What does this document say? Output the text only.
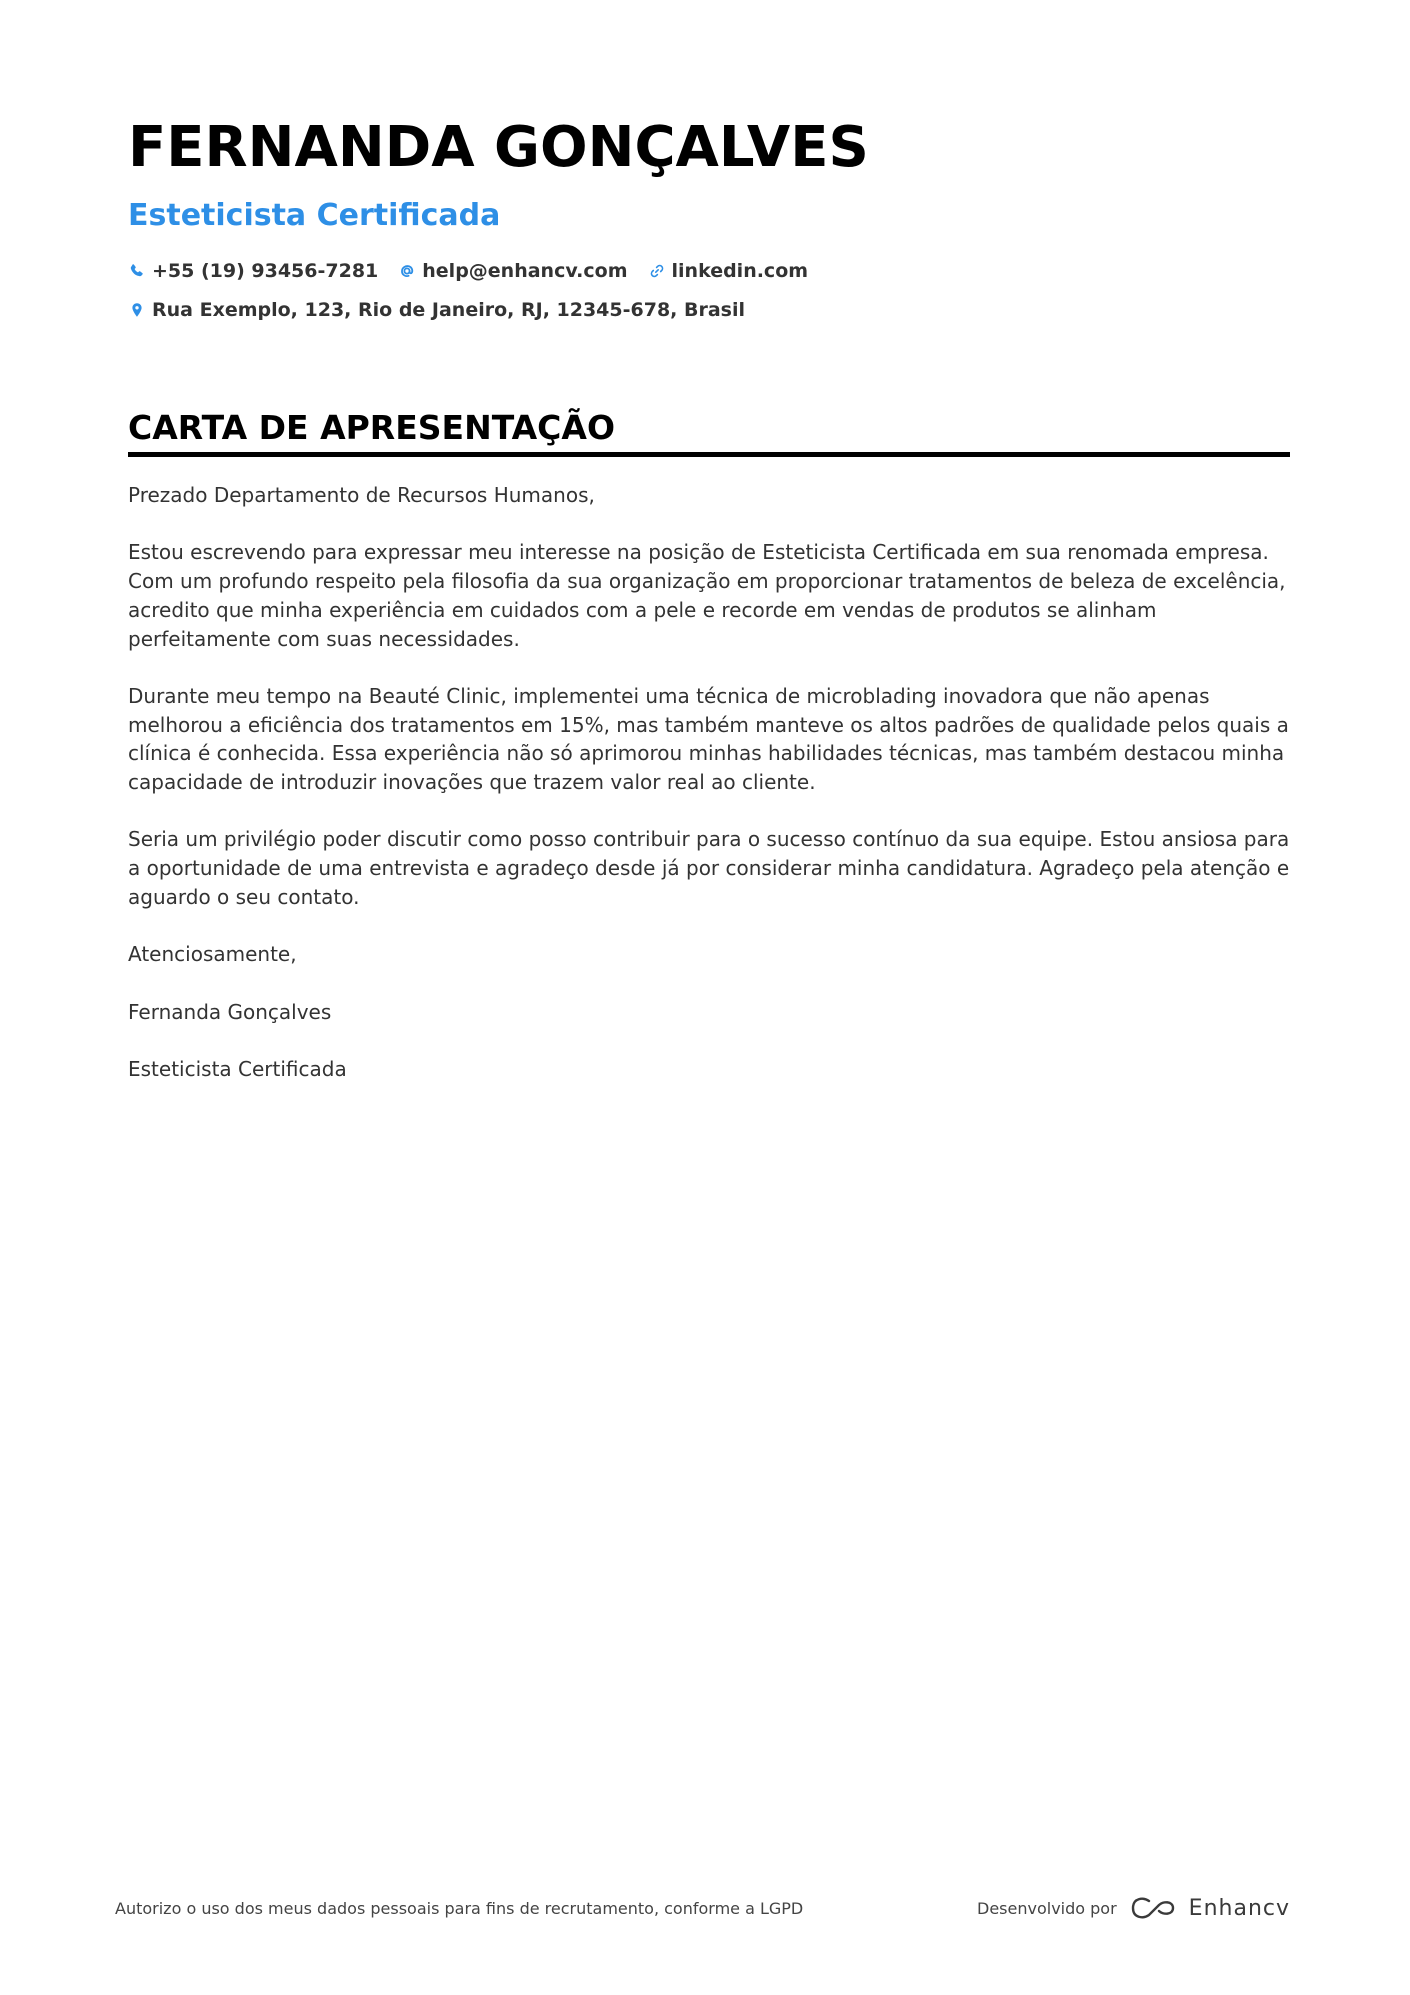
FERNANDA GONÇALVES
Esteticista Certificada
+55 (19) 93456-7281 help@enhancv.com linkedin.com
Rua Exemplo, 123, Rio de Janeiro, RJ, 12345-678, Brasil
CARTA DE APRESENTAÇÃO

Prezado Departamento de Recursos Humanos,

Estou escrevendo para expressar meu interesse na posição de Esteticista Certificada em sua renomada empresa. Com um profundo respeito pela filosofia da sua organização em proporcionar tratamentos de beleza de excelência, acredito que minha experiência em cuidados com a pele e recorde em vendas de produtos se alinham perfeitamente com suas necessidades.

Durante meu tempo na Beauté Clinic, implementei uma técnica de microblading inovadora que não apenas melhorou a eficiência dos tratamentos em 15%, mas também manteve os altos padrões de qualidade pelos quais a clínica é conhecida. Essa experiência não só aprimorou minhas habilidades técnicas, mas também destacou minha capacidade de introduzir inovações que trazem valor real ao cliente.

Seria um privilégio poder discutir como posso contribuir para o sucesso contínuo da sua equipe. Estou ansiosa para a oportunidade de uma entrevista e agradeço desde já por considerar minha candidatura. Agradeço pela atenção e aguardo o seu contato.

Atenciosamente,

Fernanda Gonçalves

Esteticista Certificada

Autorizo o uso dos meus dados pessoais para fins de recrutamento, conforme a LGPD	Desenvolvido por	Enhancv
